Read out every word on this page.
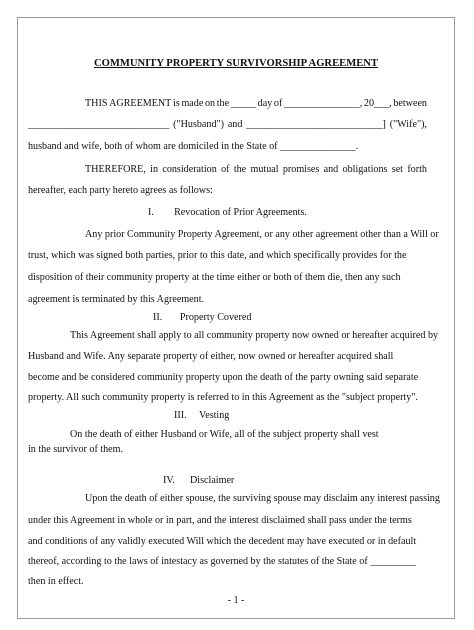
COMMUNITY PROPERTY SURVIVORSHIP AGREEMENT
THIS AGREEMENT is made on the _____ day of _______________, 20___, between
____________________________ ("Husband") and ___________________________] ("Wife"),
husband and wife, both of whom are domiciled in the State of _______________.
THEREFORE, in consideration of the mutual promises and obligations set forth
hereafter, each party hereto agrees as follows:
- 1 -
I.        Revocation of Prior Agreements.
Any prior Community Property Agreement, or any other agreement other than a Will or
trust, which was signed both parties, prior to this date, and which specifically provides for the
disposition of their community property at the time either or both of them die, then any such
agreement is terminated by this Agreement.
II.       Property Covered
This Agreement shall apply to all community property now owned or hereafter acquired by
Husband and Wife. Any separate property of either, now owned or hereafter acquired shall
become and be considered community property upon the death of the party owning said separate
property. All such community property is referred to in this Agreement as the "subject property".
III.     Vesting
On the death of either Husband or Wife, all of the subject property shall vest
in the survivor of them.
IV.      Disclaimer
Upon the death of either spouse, the surviving spouse may disclaim any interest passing
under this Agreement in whole or in part, and the interest disclaimed shall pass under the terms
and conditions of any validly executed Will which the decedent may have executed or in default
thereof, according to the laws of intestacy as governed by the statutes of the State of _________
then in effect.
